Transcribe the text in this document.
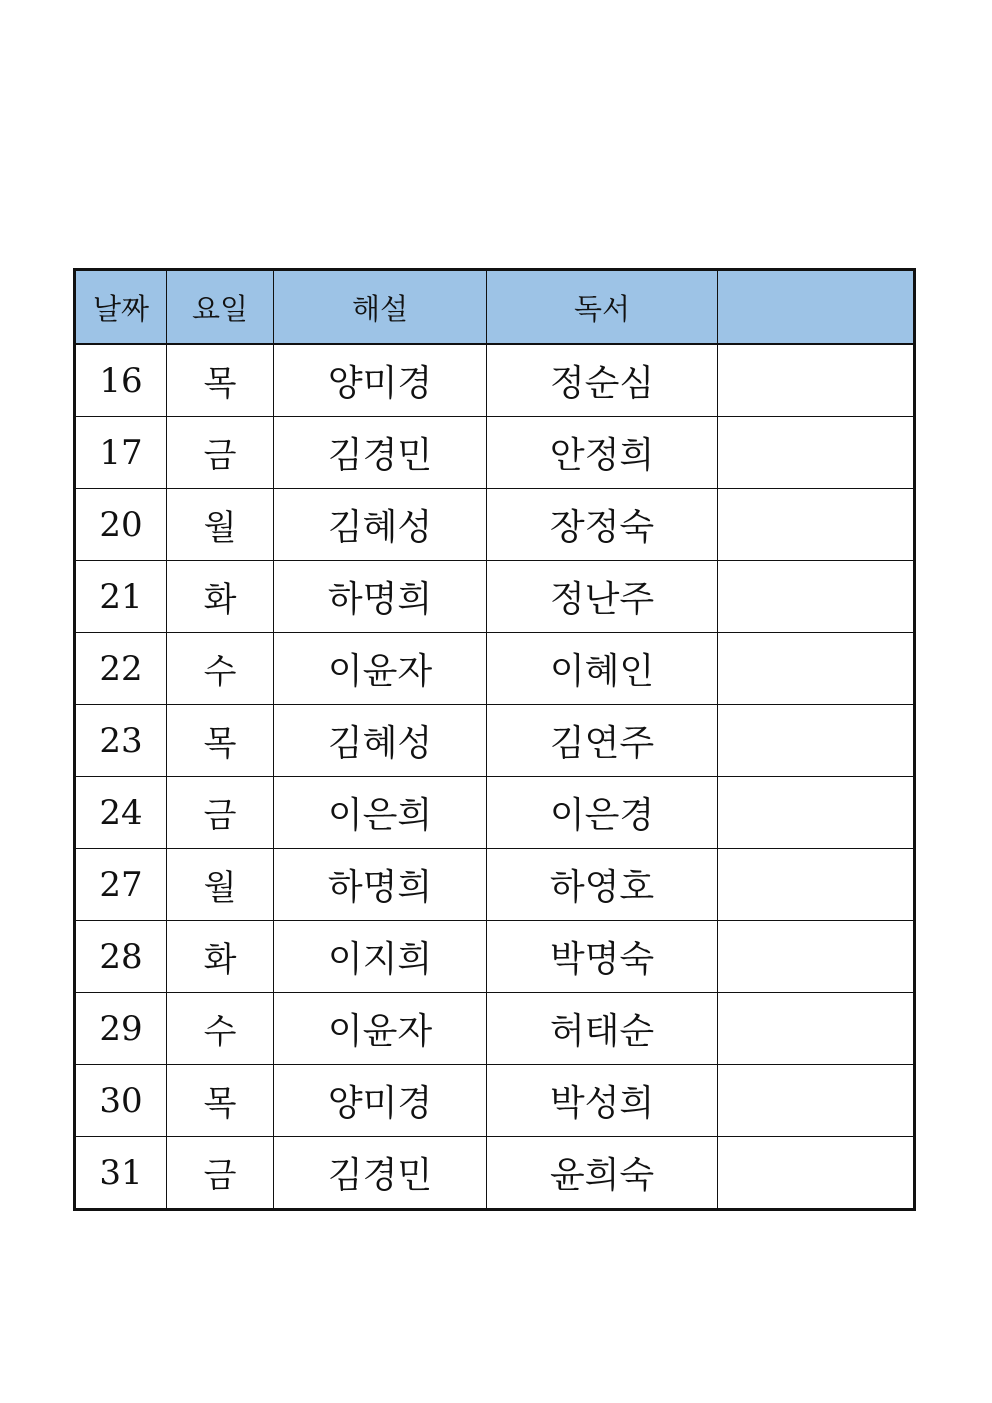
날짜	요일	해설	독서	
16	목	양미경	정순심	
17	금	김경민	안정희	
20	월	김혜성	장정숙	
21	화	하명희	정난주	
22	수	이윤자	이혜인	
23	목	김혜성	김연주	
24	금	이은희	이은경	
27	월	하명희	하영호	
28	화	이지희	박명숙	
29	수	이윤자	허태순	
30	목	양미경	박성희	
31	금	김경민	윤희숙	
